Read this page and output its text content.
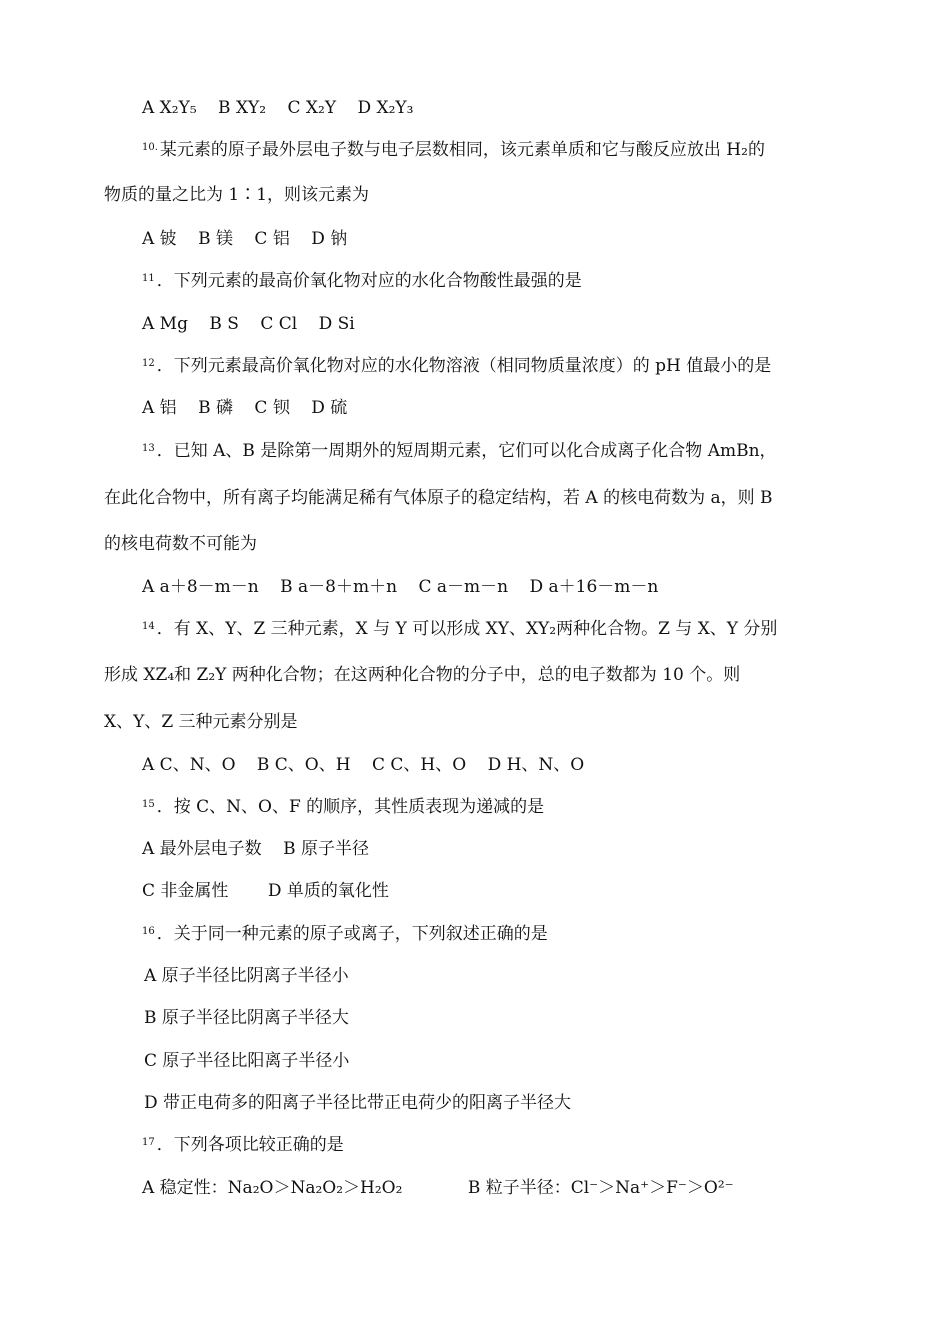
A X₂Y₅ B XY₂ C X₂Y D X₂Y₃
$^{10.}$ 某元素的原子最外层电子数与电子层数相同，该元素单质和它与酸反应放出 H₂的
物质的量之比为 1∶1，则该元素为
A 铍 B 镁 C 铝 D 钠
$^{11}$ ．下列元素的最高价氧化物对应的水化合物酸性最强的是
A Mg B S C Cl D Si
$^{12}$ ．下列元素最高价氧化物对应的水化物溶液（相同物质量浓度）的 pH 值最小的是
A 铝 B 磷 C 钡 D 硫
$^{13}$ ．已知 A、B 是除第一周期外的短周期元素，它们可以化合成离子化合物 AmBn，
在此化合物中，所有离子均能满足稀有气体原子的稳定结构，若 A 的核电荷数为 a，则 B
的核电荷数不可能为
A a＋8－m－n B a－8＋m＋n C a－m－n D a＋16－m－n
$^{14}$ ．有 X、Y、Z 三种元素，X 与 Y 可以形成 XY、XY₂两种化合物。Z 与 X、Y 分别
形成 XZ₄和 Z₂Y 两种化合物；在这两种化合物的分子中，总的电子数都为 10 个。则
X、Y、Z 三种元素分别是
A C、N、O B C、O、H C C、H、O D H、N、O
$^{15}$ ．按 C、N、O、F 的顺序，其性质表现为递减的是
A 最外层电子数 B 原子半径
C 非金属性 D 单质的氧化性
$^{16}$ ．关于同一种元素的原子或离子，下列叙述正确的是
A 原子半径比阴离子半径小
B 原子半径比阴离子半径大
C 原子半径比阳离子半径小
D 带正电荷多的阳离子半径比带正电荷少的阳离子半径大
$^{17}$ ．下列各项比较正确的是
A 稳定性：Na₂O＞Na₂O₂＞H₂O₂	B 粒子半径：Cl⁻＞Na⁺＞F⁻＞O²⁻
